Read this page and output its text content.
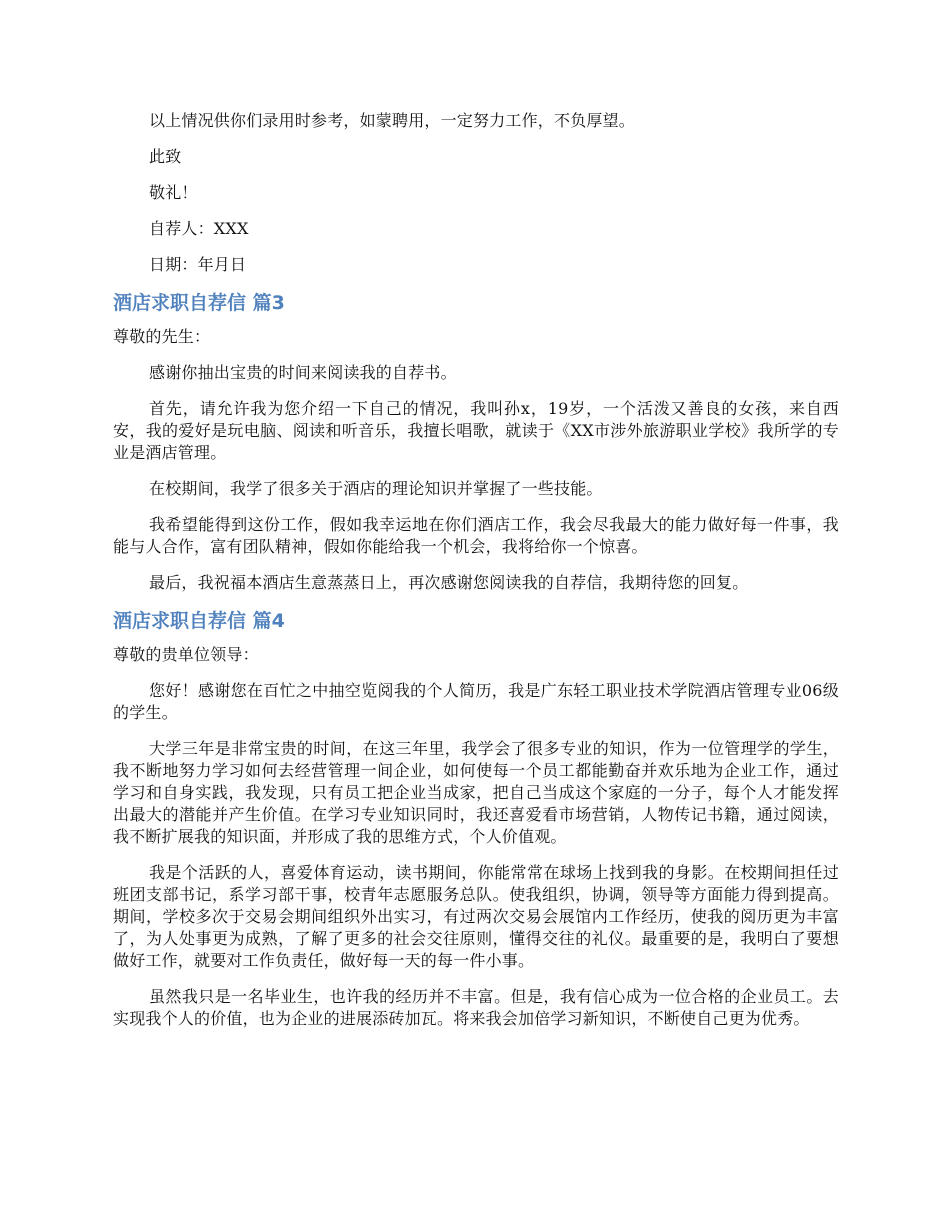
以上情况供你们录用时参考，如蒙聘用，一定努力工作，不负厚望。

此致

敬礼！

自荐人：XXX

日期：年月日

酒店求职自荐信 篇3

尊敬的先生：

感谢你抽出宝贵的时间来阅读我的自荐书。

首先，请允许我为您介绍一下自己的情况，我叫孙x，19岁，一个活泼又善良的女孩，来自西安，我的爱好是玩电脑、阅读和听音乐，我擅长唱歌，就读于《XX市涉外旅游职业学校》我所学的专业是酒店管理。

在校期间，我学了很多关于酒店的理论知识并掌握了一些技能。

我希望能得到这份工作，假如我幸运地在你们酒店工作，我会尽我最大的能力做好每一件事，我能与人合作，富有团队精神，假如你能给我一个机会，我将给你一个惊喜。

最后，我祝福本酒店生意蒸蒸日上，再次感谢您阅读我的自荐信，我期待您的回复。

酒店求职自荐信 篇4

尊敬的贵单位领导：

您好！感谢您在百忙之中抽空览阅我的个人简历，我是广东轻工职业技术学院酒店管理专业06级的学生。

大学三年是非常宝贵的时间，在这三年里，我学会了很多专业的知识，作为一位管理学的学生，我不断地努力学习如何去经营管理一间企业，如何使每一个员工都能勤奋并欢乐地为企业工作，通过学习和自身实践，我发现，只有员工把企业当成家，把自己当成这个家庭的一分子，每个人才能发挥出最大的潜能并产生价值。在学习专业知识同时，我还喜爱看市场营销，人物传记书籍，通过阅读，我不断扩展我的知识面，并形成了我的思维方式，个人价值观。

我是个活跃的人，喜爱体育运动，读书期间，你能常常在球场上找到我的身影。在校期间担任过班团支部书记，系学习部干事，校青年志愿服务总队。使我组织，协调，领导等方面能力得到提高。期间，学校多次于交易会期间组织外出实习，有过两次交易会展馆内工作经历，使我的阅历更为丰富了，为人处事更为成熟，了解了更多的社会交往原则，懂得交往的礼仪。最重要的是，我明白了要想做好工作，就要对工作负责任，做好每一天的每一件小事。

虽然我只是一名毕业生，也许我的经历并不丰富。但是，我有信心成为一位合格的企业员工。去实现我个人的价值，也为企业的进展添砖加瓦。将来我会加倍学习新知识，不断使自己更为优秀。
